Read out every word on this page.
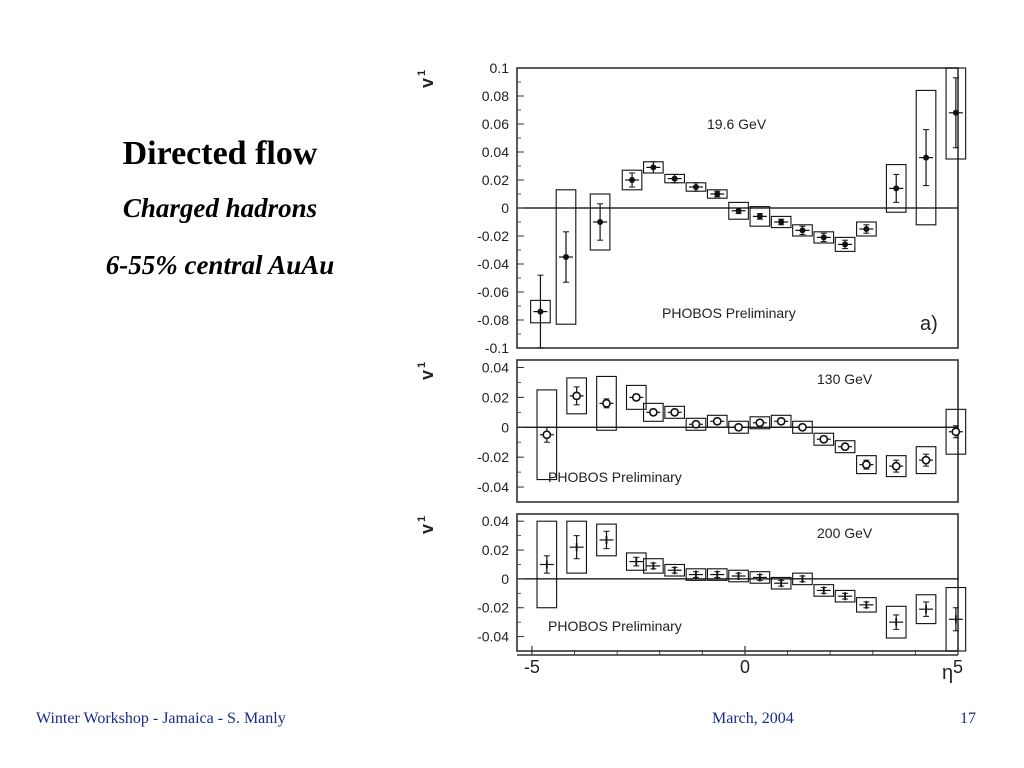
Directed flow
Charged hadrons
6-55% central AuAu
0.1
0.08
0.06
0.04
0.02
0
-0.02
-0.04
-0.06
-0.08
-0.1
v
1
19.6 GeV
PHOBOS Preliminary	a)
0.04
0.02
0
-0.02
-0.04
v
1
130 GeV
PHOBOS Preliminary
0.04
0.02
0
-0.02
-0.04
v
1
200 GeV
PHOBOS Preliminary
-5	0	5
η
Winter Workshop - Jamaica - S. Manly	March, 2004	17
